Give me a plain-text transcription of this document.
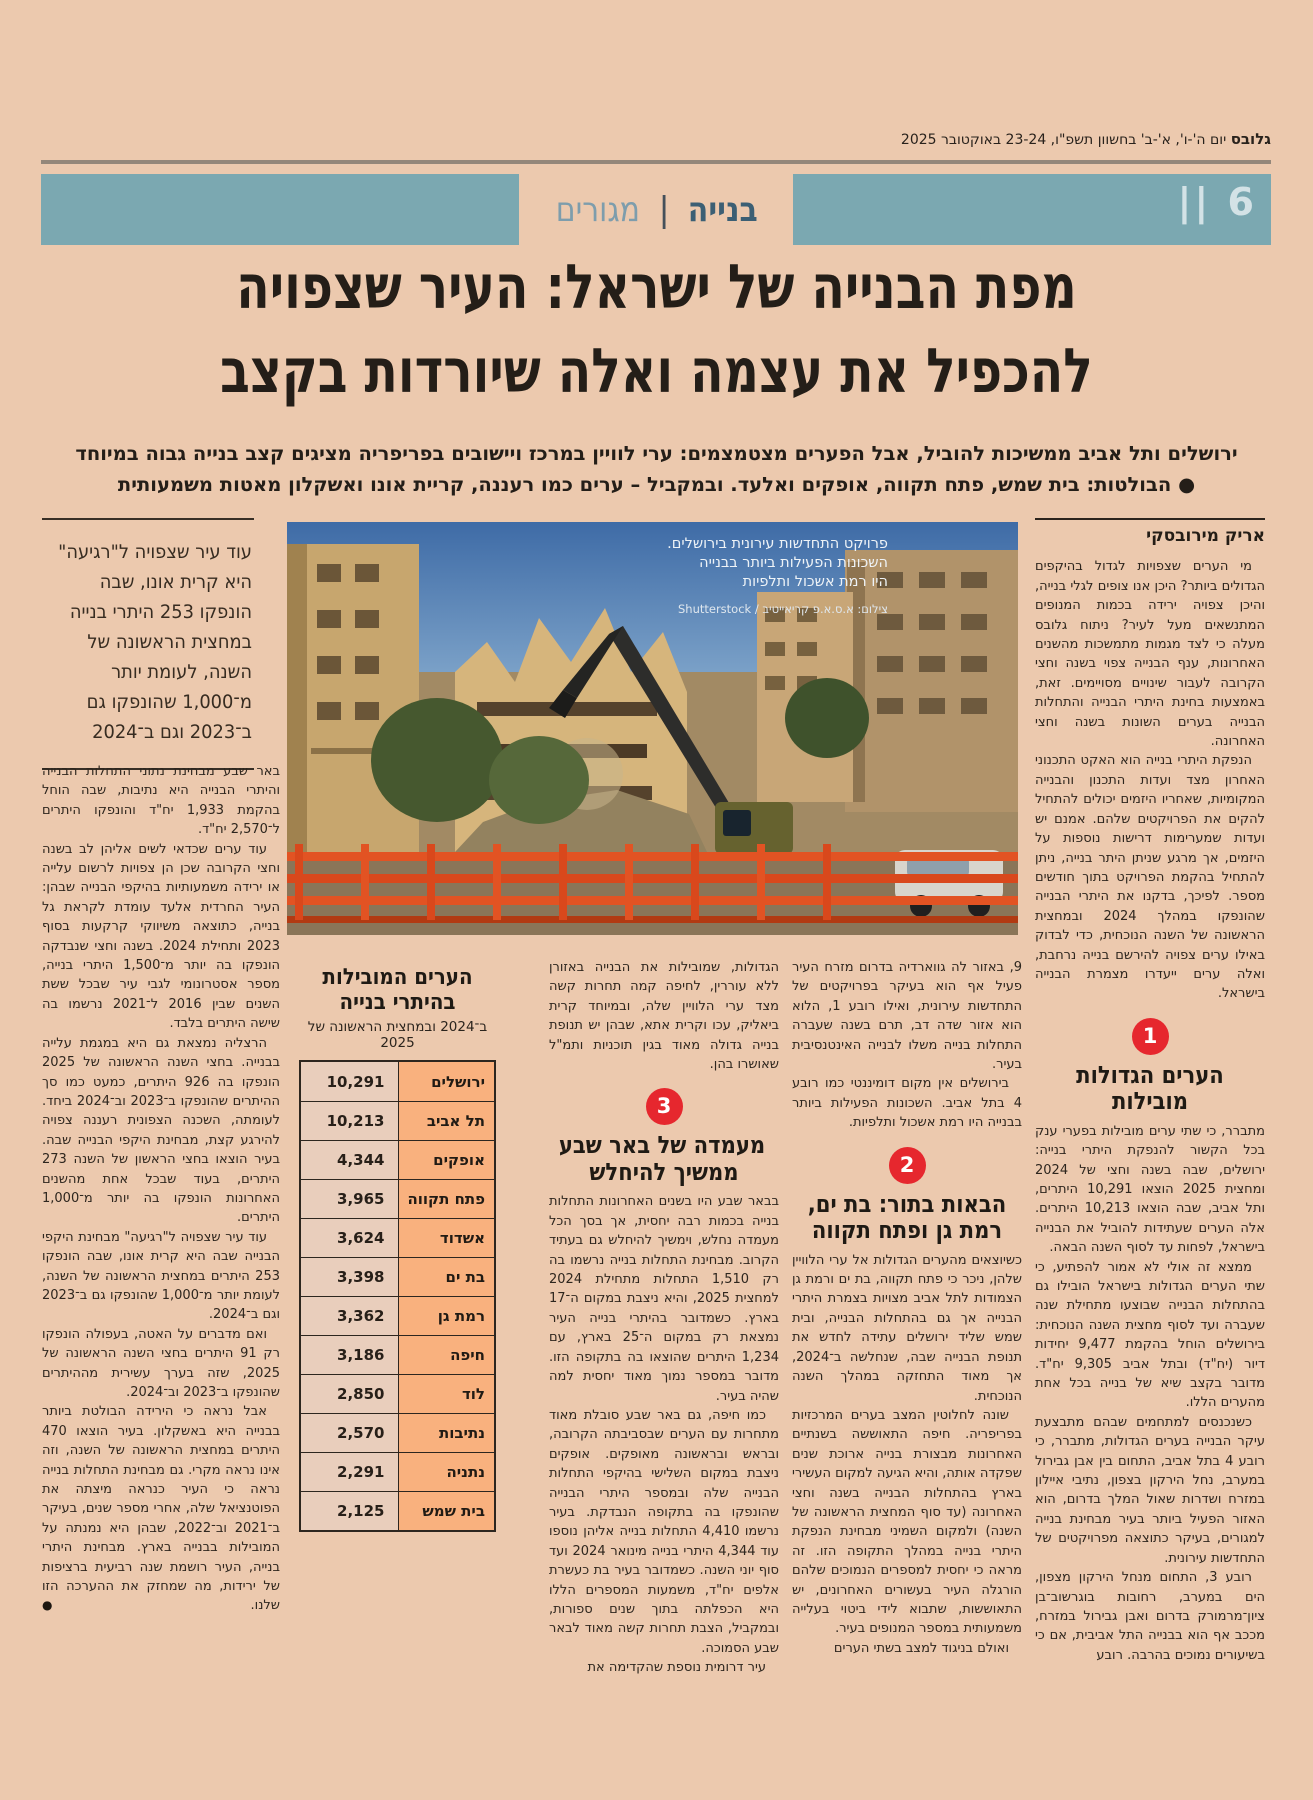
גלובס יום ה'-ו', א'-ב' בחשוון תשפ"ו, 23-24 באוקטובר 2025
|| 6
בנייה
|
מגורים
מפת הבנייה של ישראל: העיר שצפויה
להכפיל את עצמה ואלה שיורדות בקצב
ירושלים ותל אביב ממשיכות להוביל, אבל הפערים מצטמצמים: ערי לוויין במרכז ויישובים בפריפריה מציגים קצב בנייה גבוה במיוחד
● הבולטות: בית שמש, פתח תקווה, אופקים ואלעד. ובמקביל – ערים כמו רעננה, קריית אונו ואשקלון מאטות משמעותית
עוד עיר שצפויה ל"רגיעה" היא קרית אונו, שבה הונפקו 253 היתרי בנייה במחצית הראשונה של השנה, לעומת יותר מ־1,000 שהונפקו גם ב־2023 וגם ב־2024
פרויקט התחדשות עירונית בירושלים.
השכונות הפעילות ביותר בבנייה
היו רמת אשכול ותלפיות
צילום: א.ס.א.פ קריאייטיב / Shutterstock
אריק מירובסקי

מי הערים שצפויות לגדול בהיקפים הגדולים ביותר? היכן אנו צופים לגלי בנייה, והיכן צפויה ירידה בכמות המנופים המתנשאים מעל לעיר? ניתוח גלובס מעלה כי לצד מגמות מתמשכות מהשנים האחרונות, ענף הבנייה צפוי בשנה וחצי הקרובה לעבור שינויים מסויימים. זאת, באמצעות בחינת היתרי הבנייה והתחלות הבנייה בערים השונות בשנה וחצי האחרונה.

הנפקת היתרי בנייה הוא האקט התכנוני האחרון מצד ועדות התכנון והבנייה המקומיות, שאחריו היזמים יכולים להתחיל להקים את הפרויקטים שלהם. אמנם יש ועדות שמערימות דרישות נוספות על היזמים, אך מרגע שניתן היתר בנייה, ניתן להתחיל בהקמת הפרויקט בתוך חודשים מספר. לפיכך, בדקנו את היתרי הבנייה שהונפקו במהלך 2024 ובמחצית הראשונה של השנה הנוכחית, כדי לבדוק באילו ערים צפויה להירשם בנייה נרחבת, ואלה ערים ייעדרו מצמרת הבנייה בישראל.

1
הערים הגדולות
מובילות

מתברר, כי שתי ערים מובילות בפערי ענק בכל הקשור להנפקת היתרי בנייה: ירושלים, שבה בשנה וחצי של 2024 ומחצית 2025 הוצאו 10,291 היתרים, ותל אביב, שבה הוצאו 10,213 היתרים. אלה הערים שעתידות להוביל את הבנייה בישראל, לפחות עד לסוף השנה הבאה.

ממצא זה אולי לא אמור להפתיע, כי שתי הערים הגדולות בישראל הובילו גם בהתחלות הבנייה שבוצעו מתחילת שנה שעברה ועד לסוף מחצית השנה הנוכחית: בירושלים הוחל בהקמת 9,477 יחידות דיור (יח"ד) ובתל אביב 9,305 יח"ד. מדובר בקצב שיא של בנייה בכל אחת מהערים הללו.

כשנכנסים למתחמים שבהם מתבצעת עיקר הבנייה בערים הגדולות, מתברר, כי רובע 4 בתל אביב, התחום בין אבן גבירול במערב, נחל הירקון בצפון, נתיבי איילון במזרח ושדרות שאול המלך בדרום, הוא האזור הפעיל ביותר בעיר מבחינת בנייה למגורים, בעיקר כתוצאה מפרויקטים של התחדשות עירונית.

רובע 3, התחום מנחל הירקון מצפון, הים במערב, רחובות בוגרשוב־בן ציון־מרמורק בדרום ואבן גבירול במזרח, מככב אף הוא בבנייה התל אביבית, אם כי בשיעורים נמוכים בהרבה. רובע

9, באזור לה גווארדיה בדרום מזרח העיר פעיל אף הוא בעיקר בפרויקטים של התחדשות עירונית, ואילו רובע 1, הלוא הוא אזור שדה דב, תרם בשנה שעברה התחלות בנייה משלו לבנייה האינטנסיבית בעיר.

בירושלים אין מקום דומיננטי כמו רובע 4 בתל אביב. השכונות הפעילות ביותר בבנייה היו רמת אשכול ותלפיות.

2
הבאות בתור: בת ים,
רמת גן ופתח תקווה

כשיוצאים מהערים הגדולות אל ערי הלוויין שלהן, ניכר כי פתח תקווה, בת ים ורמת גן הצמודות לתל אביב מצויות בצמרת היתרי הבנייה אך גם בהתחלות הבנייה, ובית שמש שליד ירושלים עתידה לחדש את תנופת הבנייה שבה, שנחלשה ב־2024, אך מאוד התחזקה במהלך השנה הנוכחית.

שונה לחלוטין המצב בערים המרכזיות בפריפריה. חיפה התאוששה בשנתיים האחרונות מבצורת בנייה ארוכת שנים שפקדה אותה, והיא הגיעה למקום העשירי בארץ בהתחלות הבנייה בשנה וחצי האחרונה (עד סוף המחצית הראשונה של השנה) ולמקום השמיני מבחינת הנפקת היתרי בנייה במהלך התקופה הזו. זה מראה כי יחסית למספרים הנמוכים שלהם הורגלה העיר בעשורים האחרונים, יש התאוששות, שתבוא לידי ביטוי בעלייה משמעותית במספר המנופים בעיר.

ואולם בניגוד למצב בשתי הערים

הגדולות, שמובילות את הבנייה באזורן ללא עוררין, לחיפה קמה תחרות קשה מצד ערי הלוויין שלה, ובמיוחד קרית ביאליק, עכו וקרית אתא, שבהן יש תנופת בנייה גדולה מאוד בגין תוכניות ותמ"ל שאושרו בהן.

3
מעמדה של באר שבע
ממשיך להיחלש

בבאר שבע היו בשנים האחרונות התחלות בנייה בכמות רבה יחסית, אך בסך הכל מעמדה נחלש, וימשיך להיחלש גם בעתיד הקרוב. מבחינת התחלות בנייה נרשמו בה רק 1,510 התחלות מתחילת 2024 למחצית 2025, והיא ניצבת במקום ה־17 בארץ. כשמדובר בהיתרי בנייה העיר נמצאת רק במקום ה־25 בארץ, עם 1,234 היתרים שהוצאו בה בתקופה הזו. מדובר במספר נמוך מאוד יחסית למה שהיה בעיר.

כמו חיפה, גם באר שבע סובלת מאוד מתחרות עם הערים שבסביבתה הקרובה, ובראש ובראשונה מאופקים. אופקים ניצבת במקום השלישי בהיקפי התחלות הבנייה שלה ובמספר היתרי הבנייה שהונפקו בה בתקופה הנבדקת. בעיר נרשמו 4,410 התחלות בנייה אליהן נוספו עוד 4,344 היתרי בנייה מינואר 2024 ועד סוף יוני השנה. כשמדובר בעיר בת כעשרת אלפים יח"ד, משמעות המספרים הללו היא הכפלתה בתוך שנים ספורות, ובמקביל, הצבת תחרות קשה מאוד לבאר שבע הסמוכה.

עיר דרומית נוספת שהקדימה את

הערים המובילות
בהיתרי בנייה
ב־2024 ובמחצית הראשונה של 2025
ירושלים
10,291
תל אביב
10,213
אופקים
4,344
פתח תקווה
3,965
אשדוד
3,624
בת ים
3,398
רמת גן
3,362
חיפה
3,186
לוד
2,850
נתיבות
2,570
נתניה
2,291
בית שמש
2,125

באר שבע מבחינת נתוני התחלות הבנייה והיתרי הבנייה היא נתיבות, שבה הוחל בהקמת 1,933 יח"ד והונפקו היתרים ל־2,570 יח"ד.

עוד ערים שכדאי לשים אליהן לב בשנה וחצי הקרובה שכן הן צפויות לרשום עלייה או ירידה משמעותיות בהיקפי הבנייה שבהן: העיר החרדית אלעד עומדת לקראת גל בנייה, כתוצאה משיווקי קרקעות בסוף 2023 ותחילת 2024. בשנה וחצי שנבדקה הונפקו בה יותר מ־1,500 היתרי בנייה, מספר אסטרונומי לגבי עיר שבכל ששת השנים שבין 2016 ל־2021 נרשמו בה שישה היתרים בלבד.

הרצליה נמצאת גם היא במגמת עלייה בבנייה. בחצי השנה הראשונה של 2025 הונפקו בה 926 היתרים, כמעט כמו סך ההיתרים שהונפקו ב־2023 וב־2024 ביחד. לעומתה, השכנה הצפונית רעננה צפויה להירגע קצת, מבחינת היקפי הבנייה שבה. בעיר הוצאו בחצי הראשון של השנה 273 היתרים, בעוד שבכל אחת מהשנים האחרונות הונפקו בה יותר מ־1,000 היתרים.

עוד עיר שצפויה ל"רגיעה" מבחינת היקפי הבנייה שבה היא קרית אונו, שבה הונפקו 253 היתרים במחצית הראשונה של השנה, לעומת יותר מ־1,000 שהונפקו גם ב־2023 וגם ב־2024.

ואם מדברים על האטה, בעפולה הונפקו רק 91 היתרים בחצי השנה הראשונה של 2025, שזה בערך עשירית מההיתרים שהונפקו ב־2023 וב־2024.

אבל נראה כי הירידה הבולטת ביותר בבנייה היא באשקלון. בעיר הוצאו 470 היתרים במחצית הראשונה של השנה, וזה אינו נראה מקרי. גם מבחינת התחלות בנייה נראה כי העיר כנראה מיצתה את הפוטנציאל שלה, אחרי מספר שנים, בעיקר ב־2021 וב־2022, שבהן היא נמנתה על המובילות בבנייה בארץ. מבחינת היתרי בנייה, העיר רושמת שנה רביעית ברציפות של ירידות, מה שמחזק את ההערכה הזו שלנו.
●
